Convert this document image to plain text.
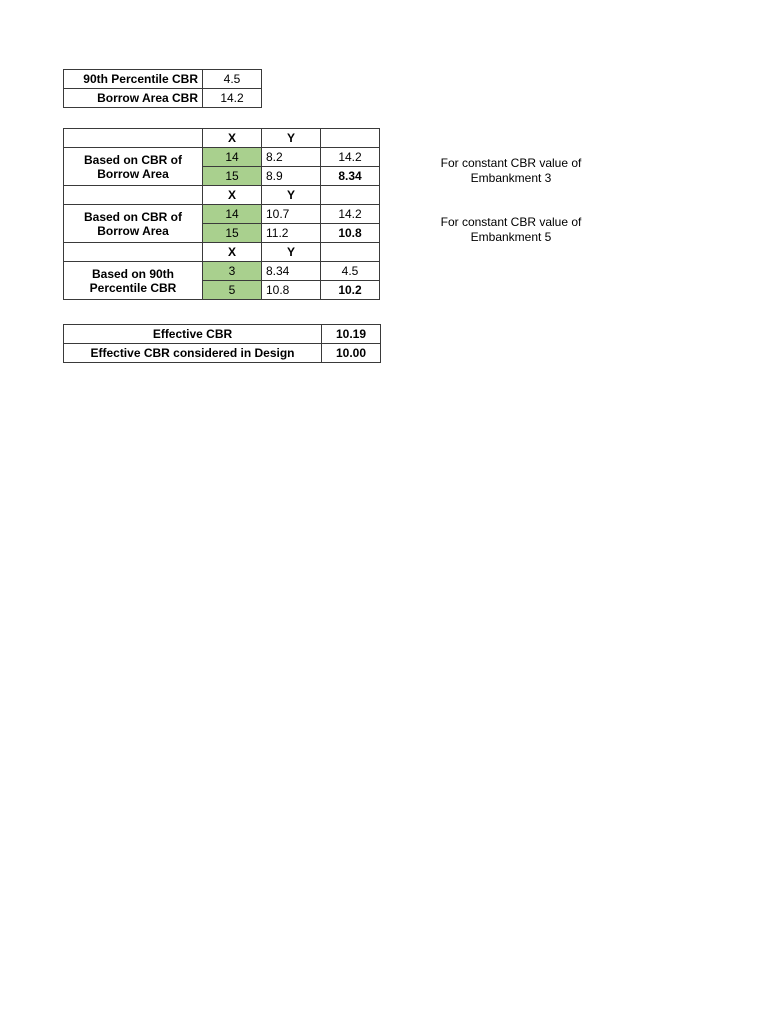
90th Percentile CBR	4.5
Borrow Area CBR	14.2
	X	Y	
Based on CBR of Borrow Area	14	8.2	14.2
	15	8.9	8.34
	X	Y	
Based on CBR of Borrow Area	14	10.7	14.2
	15	11.2	10.8
	X	Y	
Based on 90th Percentile CBR	3	8.34	4.5
	5	10.8	10.2
Effective CBR	10.19
Effective CBR considered in Design	10.00
For constant CBR value of Embankment 3
For constant CBR value of Embankment 5
